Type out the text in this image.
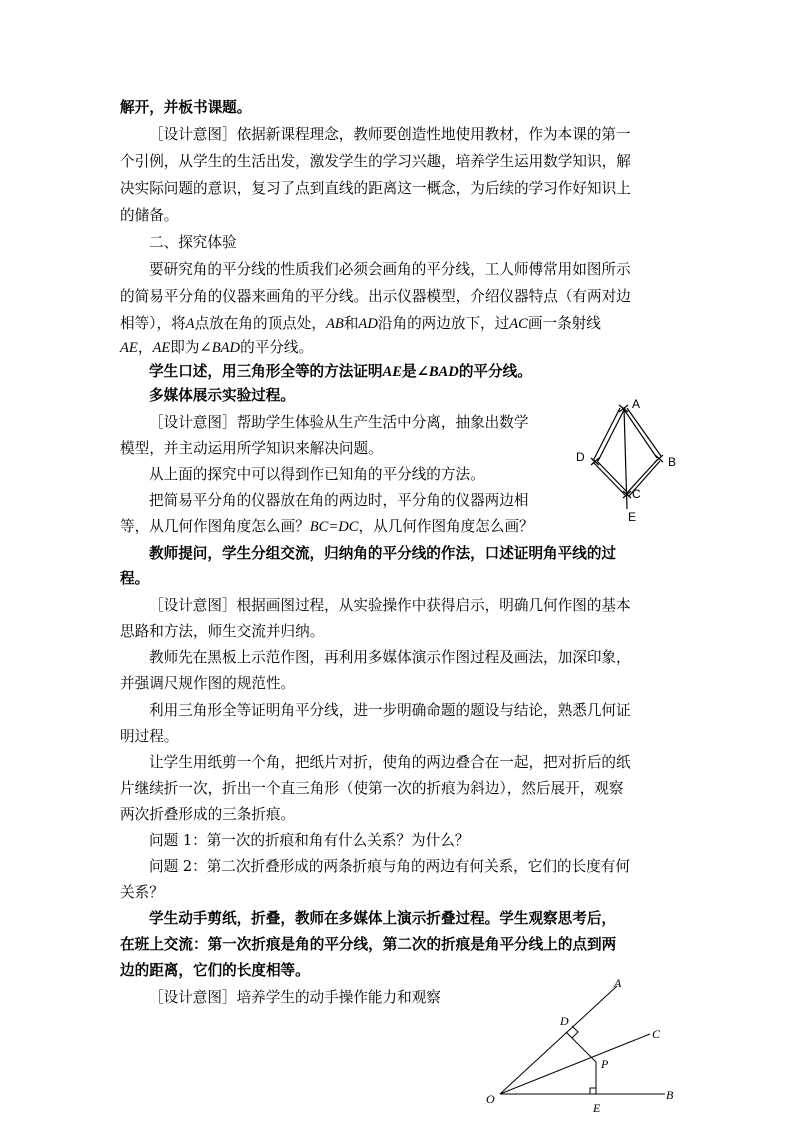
解开，并板书课题。

［设计意图］依据新课程理念，教师要创造性地使用教材，作为本课的第一

个引例，从学生的生活出发，激发学生的学习兴趣，培养学生运用数学知识，解

决实际问题的意识，复习了点到直线的距离这一概念，为后续的学习作好知识上

的储备。

二、探究体验

要研究角的平分线的性质我们必须会画角的平分线，工人师傅常用如图所示

的简易平分角的仪器来画角的平分线。出示仪器模型，介绍仪器特点（有两对边

相等），将A点放在角的顶点处，AB和AD沿角的两边放下，过AC画一条射线

AE，AE即为∠BAD的平分线。

学生口述，用三角形全等的方法证明AE是∠BAD的平分线。

多媒体展示实验过程。

［设计意图］帮助学生体验从生产生活中分离，抽象出数学

模型，并主动运用所学知识来解决问题。

从上面的探究中可以得到作已知角的平分线的方法。

把简易平分角的仪器放在角的两边时，平分角的仪器两边相

等，从几何作图角度怎么画？BC=DC，从几何作图角度怎么画？

教师提问，学生分组交流，归纳角的平分线的作法，口述证明角平线的过

程。

［设计意图］根据画图过程，从实验操作中获得启示，明确几何作图的基本

思路和方法，师生交流并归纳。

教师先在黑板上示范作图，再利用多媒体演示作图过程及画法，加深印象，

并强调尺规作图的规范性。

利用三角形全等证明角平分线，进一步明确命题的题设与结论，熟悉几何证

明过程。

让学生用纸剪一个角，把纸片对折，使角的两边叠合在一起，把对折后的纸

片继续折一次，折出一个直三角形（使第一次的折痕为斜边），然后展开，观察

两次折叠形成的三条折痕。

问题 1：第一次的折痕和角有什么关系？为什么？

问题 2：第二次折叠形成的两条折痕与角的两边有何关系，它们的长度有何

关系？

学生动手剪纸，折叠，教师在多媒体上演示折叠过程。学生观察思考后，

在班上交流：第一次折痕是角的平分线，第二次的折痕是角平分线上的点到两

边的距离，它们的长度相等。

［设计意图］培养学生的动手操作能力和观察

A
B
C
D
E
A
B
C
D
E
O
P
